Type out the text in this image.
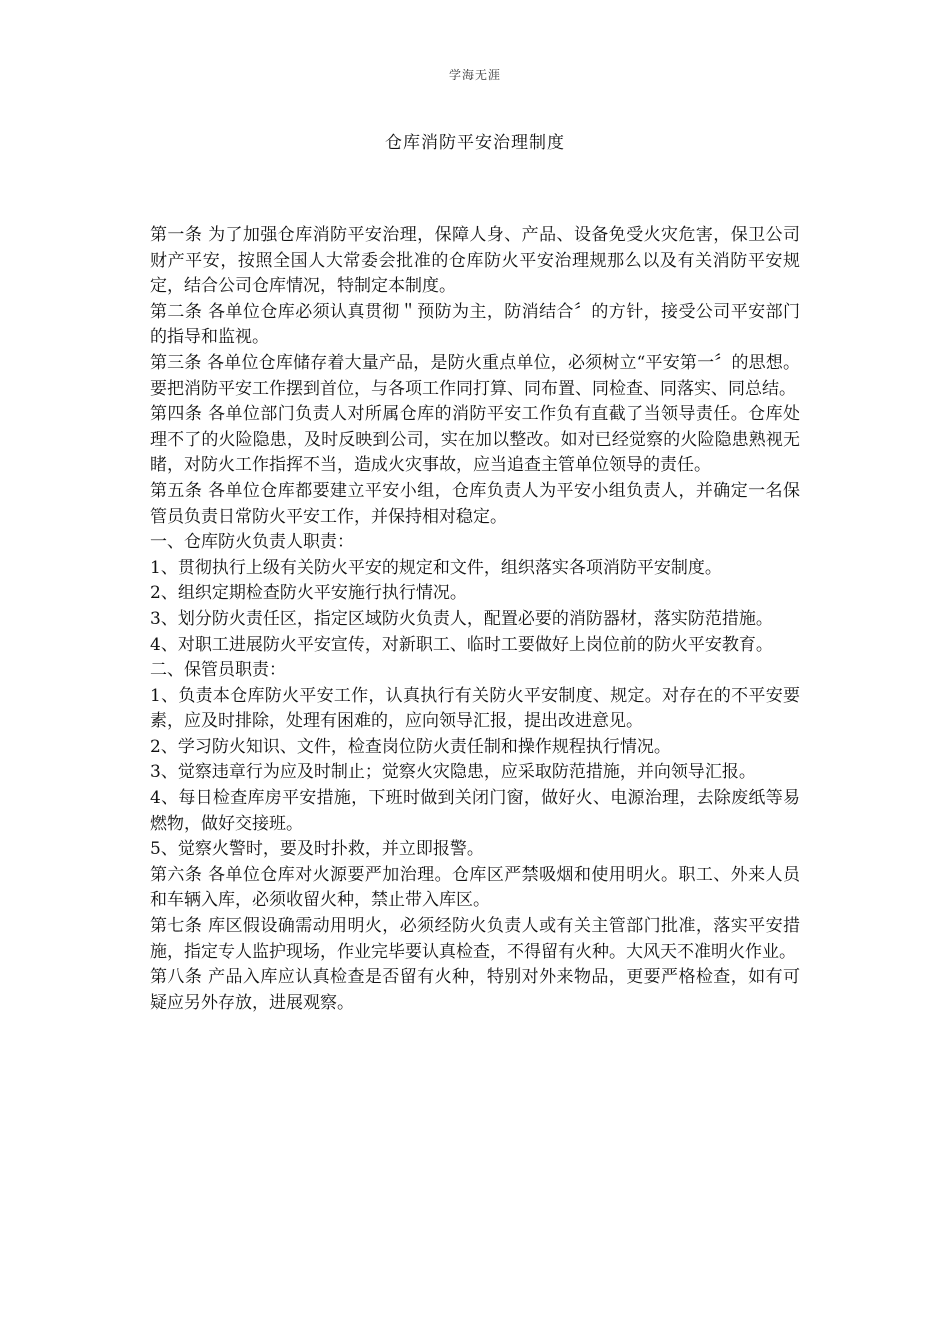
学海无涯
仓库消防平安治理制度

第一条 为了加强仓库消防平安治理，保障人身、产品、设备免受火灾危害，保卫公司财产平安，按照全国人大常委会批准的仓库防火平安治理规那么以及有关消防平安规定，结合公司仓库情况，特制定本制度。

第二条 各单位仓库必须认真贯彻＂预防为主，防消结合〞的方针，接受公司平安部门的指导和监视。

第三条 各单位仓库储存着大量产品，是防火重点单位，必须树立“平安第一〞的思想。要把消防平安工作摆到首位，与各项工作同打算、同布置、同检查、同落实、同总结。

第四条 各单位部门负责人对所属仓库的消防平安工作负有直截了当领导责任。仓库处理不了的火险隐患，及时反映到公司，实在加以整改。如对已经觉察的火险隐患熟视无睹，对防火工作指挥不当，造成火灾事故，应当追查主管单位领导的责任。

第五条 各单位仓库都要建立平安小组，仓库负责人为平安小组负责人，并确定一名保管员负责日常防火平安工作，并保持相对稳定。

一、仓库防火负责人职责：

1、贯彻执行上级有关防火平安的规定和文件，组织落实各项消防平安制度。

2、组织定期检查防火平安施行执行情况。

3、划分防火责任区，指定区域防火负责人，配置必要的消防器材，落实防范措施。

4、对职工进展防火平安宣传，对新职工、临时工要做好上岗位前的防火平安教育。

二、保管员职责：

1、负责本仓库防火平安工作，认真执行有关防火平安制度、规定。对存在的不平安要素，应及时排除，处理有困难的，应向领导汇报，提出改进意见。

2、学习防火知识、文件，检查岗位防火责任制和操作规程执行情况。

3、觉察违章行为应及时制止；觉察火灾隐患，应采取防范措施，并向领导汇报。

4、每日检查库房平安措施，下班时做到关闭门窗，做好火、电源治理，去除废纸等易燃物，做好交接班。

5、觉察火警时，要及时扑救，并立即报警。

第六条 各单位仓库对火源要严加治理。仓库区严禁吸烟和使用明火。职工、外来人员和车辆入库，必须收留火种，禁止带入库区。

第七条 库区假设确需动用明火，必须经防火负责人或有关主管部门批准，落实平安措施，指定专人监护现场，作业完毕要认真检查，不得留有火种。大风天不准明火作业。

第八条 产品入库应认真检查是否留有火种，特别对外来物品，更要严格检查，如有可疑应另外存放，进展观察。
